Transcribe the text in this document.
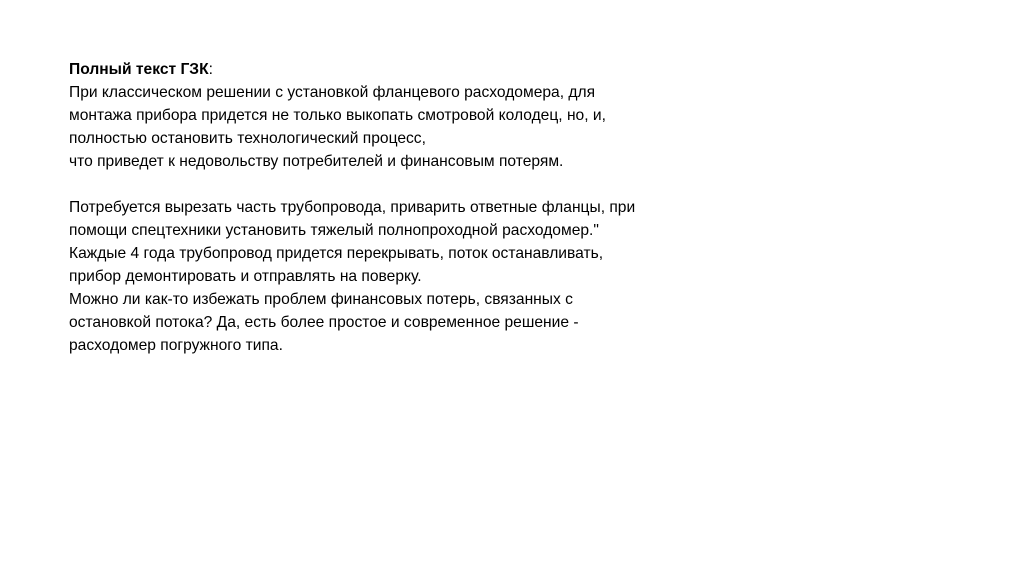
Полный текст ГЗК:
При классическом решении с установкой фланцевого расходомера, для
монтажа прибора придется не только выкопать смотровой колодец, но, и,
полностью остановить технологический процесс,
что приведет к недовольству потребителей и финансовым потерям.
Потребуется вырезать часть трубопровода, приварить ответные фланцы, при
помощи спецтехники установить тяжелый полнопроходной расходомер."
Каждые 4 года трубопровод придется перекрывать, поток останавливать,
прибор демонтировать и отправлять на поверку.
Можно ли как-то избежать проблем финансовых потерь, связанных с
остановкой потока? Да, есть более простое и современное решение -
расходомер погружного типа.
